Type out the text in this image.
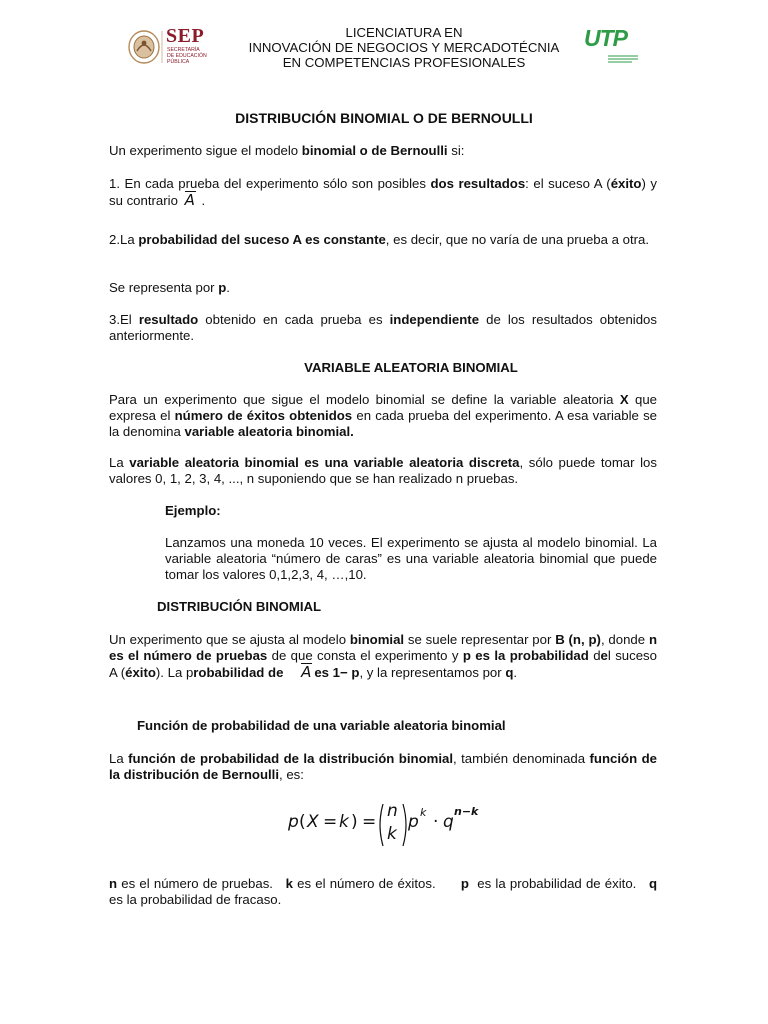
SEP
SECRETARÍA
DE EDUCACIÓN
PÚBLICA
LICENCIATURA EN
INNOVACIÓN DE NEGOCIOS Y MERCADOTÉCNIA
EN COMPETENCIAS PROFESIONALES
UTP
DISTRIBUCIÓN BINOMIAL O DE BERNOULLI

Un experimento sigue el modelo binomial o de Bernoulli si:

1. En cada prueba del experimento sólo son posibles dos resultados: el suceso A (éxito) y su contrario A .

2.La probabilidad del suceso A es constante, es decir, que no varía de una prueba a otra.

Se representa por p.

3.El resultado obtenido en cada prueba es independiente de los resultados obtenidos anteriormente.

VARIABLE ALEATORIA BINOMIAL

Para un experimento que sigue el modelo binomial se define la variable aleatoria X que expresa el número de éxitos obtenidos en cada prueba del experimento. A esa variable se la denomina variable aleatoria binomial.

La variable aleatoria binomial es una variable aleatoria discreta, sólo puede tomar los valores 0, 1, 2, 3, 4, ..., n suponiendo que se han realizado n pruebas.

Ejemplo:

Lanzamos una moneda 10 veces. El experimento se ajusta al modelo binomial. La variable aleatoria “número de caras” es una variable aleatoria binomial que puede tomar los valores 0,1,2,3, 4, …,10.

DISTRIBUCIÓN BINOMIAL

Un experimento que se ajusta al modelo binomial se suele representar por B (n, p), donde n es el número de pruebas de que consta el experimento y p es la probabilidad del suceso A (éxito). La probabilidad de A es 1− p, y la representamos por q.

Función de probabilidad de una variable aleatoria binomial

La función de probabilidad de la distribución binomial, también denominada función de la distribución de Bernoulli, es:

p ( X = k ) =
n
k
p k · q
n−k

n es el número de pruebas.   k es el número de éxitos.      p  es la probabilidad de éxito.   q es la probabilidad de fracaso.
